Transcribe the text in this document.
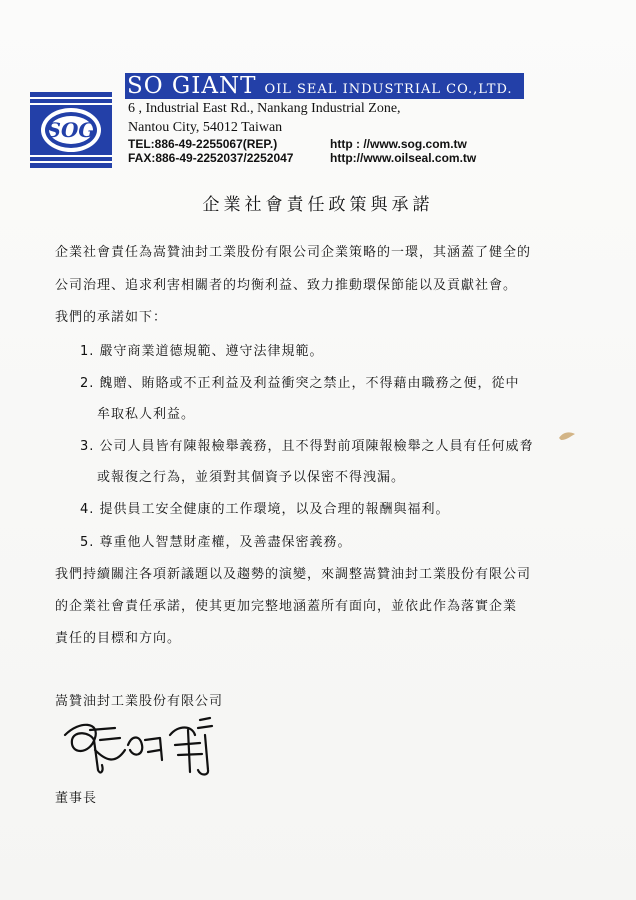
SOG
SO GIANT OIL SEAL INDUSTRIAL CO.,LTD.
6 , Industrial East Rd., Nankang Industrial Zone,
Nantou City, 54012 Taiwan
TEL:886-49-2255067(REP.)
FAX:886-49-2252037/2252047
http : //www.sog.com.tw
http://www.oilseal.com.tw
企業社會責任政策與承諾
企業社會責任為嵩贊油封工業股份有限公司企業策略的一環，其涵蓋了健全的
公司治理、追求利害相關者的均衡利益、致力推動環保節能以及貢獻社會。
我們的承諾如下：
1. 嚴守商業道德規範、遵守法律規範。
2. 餽贈、賄賂或不正利益及利益衝突之禁止，不得藉由職務之便，從中
牟取私人利益。
3. 公司人員皆有陳報檢舉義務，且不得對前項陳報檢舉之人員有任何威脅
或報復之行為，並須對其個資予以保密不得洩漏。
4. 提供員工安全健康的工作環境，以及合理的報酬與福利。
5. 尊重他人智慧財產權，及善盡保密義務。
我們持續關注各項新議題以及趨勢的演變，來調整嵩贊油封工業股份有限公司
的企業社會責任承諾，使其更加完整地涵蓋所有面向，並依此作為落實企業
責任的目標和方向。
嵩贊油封工業股份有限公司
董事長
